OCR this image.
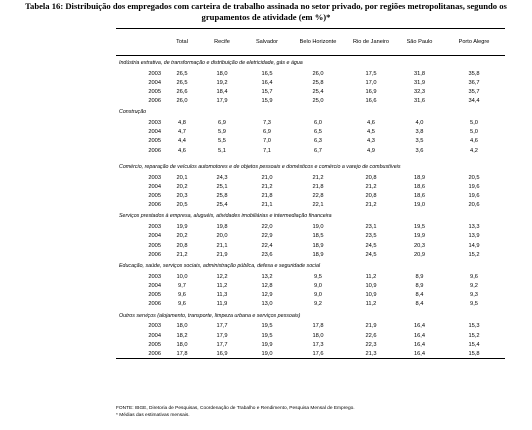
Tabela 16: Distribuição dos empregados com carteira de trabalho assinada no setor privado, por regiões metropolitanas, segundo os
grupamentos de atividade (em %)*
Total	Recife	Salvador	Belo Horizonte	Rio de Janeiro	São Paulo	Porto Alegre
Indústria extrativa, de transformação e distribuição de eletricidade, gás e água
2003	26,5	18,0	16,5	26,0	17,5	31,8	35,8
2004	26,5	19,2	16,4	25,8	17,0	31,9	36,7
2005	26,6	18,4	15,7	25,4	16,9	32,3	35,7
2006	26,0	17,9	15,9	25,0	16,6	31,6	34,4
Construção
2003	4,8	6,9	7,3	6,0	4,6	4,0	5,0
2004	4,7	5,9	6,9	6,5	4,5	3,8	5,0
2005	4,4	5,5	7,0	6,3	4,3	3,5	4,6
2006	4,6	5,1	7,1	6,7	4,9	3,6	4,2
Comércio, reparação de veículos automotores e de objetos pessoais e domésticos e comércio a varejo de combustíveis
2003	20,1	24,3	21,0	21,2	20,8	18,9	20,5
2004	20,2	25,1	21,2	21,8	21,2	18,6	19,6
2005	20,3	25,8	21,8	22,8	20,8	18,6	19,6
2006	20,5	25,4	21,1	22,1	21,2	19,0	20,6
Serviços prestados à empresa, aluguéis, atividades imobiliárias e intermediação financeira
2003	19,9	19,8	22,0	19,0	23,1	19,5	13,3
2004	20,2	20,0	22,9	18,5	23,5	19,9	13,9
2005	20,8	21,1	22,4	18,9	24,5	20,3	14,9
2006	21,2	21,9	23,6	18,9	24,5	20,9	15,2
Educação, saúde, serviços sociais, administração pública, defesa e seguridade social
2003	10,0	12,2	13,2	9,5	11,2	8,9	9,6
2004	9,7	11,2	12,8	9,0	10,9	8,9	9,2
2005	9,6	11,3	12,9	9,0	10,9	8,4	9,3
2006	9,6	11,9	13,0	9,2	11,2	8,4	9,5
Outros serviços (alojamento, transporte, limpeza urbana e serviços pessoais)
2003	18,0	17,7	19,5	17,8	21,9	16,4	15,3
2004	18,2	17,9	19,5	18,0	22,6	16,4	15,2
2005	18,0	17,7	19,9	17,3	22,3	16,4	15,4
2006	17,8	16,9	19,0	17,6	21,3	16,4	15,8
FONTE: IBGE, Diretoria de Pesquisas, Coordenação de Trabalho e Rendimento, Pesquisa Mensal de Emprego.
* Médias das estimativas mensais.
